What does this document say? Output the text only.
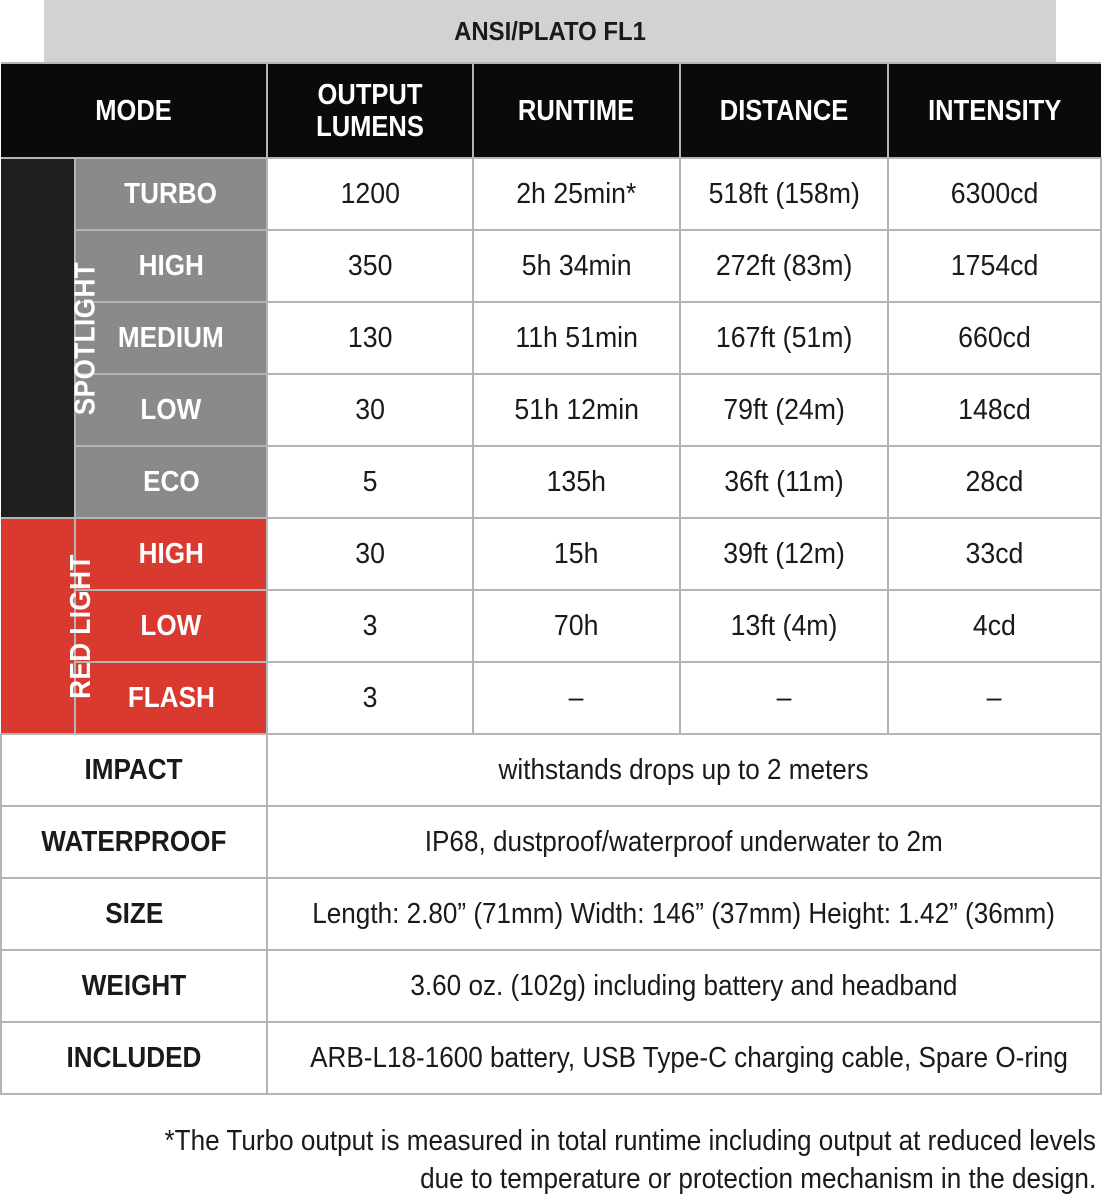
ANSI/PLATO FL1
MODE		OUTPUT LUMENS	RUNTIME	DISTANCE	INTENSITY
SPOTLIGHT	TURBO	1200	2h 25min*	518ft (158m)	6300cd
	HIGH	350	5h 34min	272ft (83m)	1754cd
	MEDIUM	130	11h 51min	167ft (51m)	660cd
	LOW	30	51h 12min	79ft (24m)	148cd
	ECO	5	135h	36ft (11m)	28cd
RED LIGHT	HIGH	30	15h	39ft (12m)	33cd
	LOW	3	70h	13ft (4m)	4cd
	FLASH	3	–	–	–
IMPACT		withstands drops up to 2 meters			
WATERPROOF		IP68, dustproof/waterproof underwater to 2m			
SIZE		Length: 2.80” (71mm) Width: 146” (37mm) Height: 1.42” (36mm)			
WEIGHT		3.60 oz. (102g) including battery and headband			
INCLUDED		ARB-L18-1600 battery, USB Type-C charging cable, Spare O-ring			
*The Turbo output is measured in total runtime including output at reduced levels
due to temperature or protection mechanism in the design.
